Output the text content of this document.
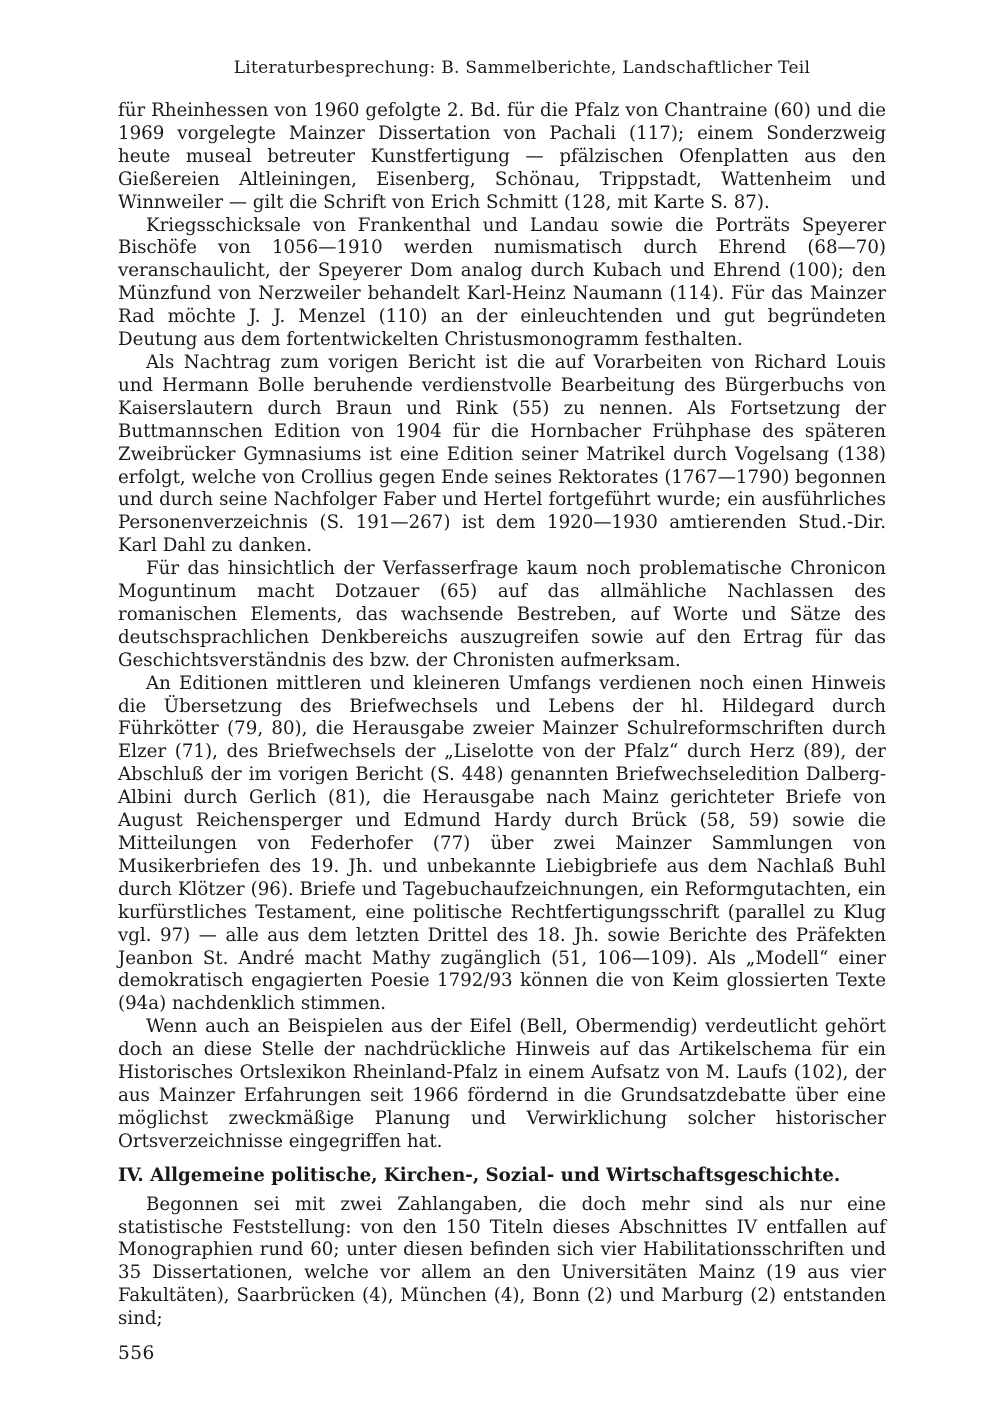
Literaturbesprechung: B. Sammelberichte, Landschaftlicher Teil

für Rheinhessen von 1960 gefolgte 2. Bd. für die Pfalz von Chantraine (60) und die 1969 vorgelegte Mainzer Dissertation von Pachali (117); einem Sonderzweig heute museal betreuter Kunstfertigung — pfälzischen Ofenplatten aus den Gießereien Altleiningen, Eisenberg, Schönau, Trippstadt, Wattenheim und Winnweiler — gilt die Schrift von Erich Schmitt (128, mit Karte S. 87).

Kriegsschicksale von Frankenthal und Landau sowie die Porträts Speyerer Bischöfe von 1056—1910 werden numismatisch durch Ehrend (68—70) veranschaulicht, der Speyerer Dom analog durch Kubach und Ehrend (100); den Münzfund von Nerzweiler behandelt Karl-Heinz Naumann (114). Für das Mainzer Rad möchte J. J. Menzel (110) an der einleuchtenden und gut begründeten Deutung aus dem fortentwickelten Christusmonogramm festhalten.

Als Nachtrag zum vorigen Bericht ist die auf Vorarbeiten von Richard Louis und Hermann Bolle beruhende verdienstvolle Bearbeitung des Bürgerbuchs von Kaiserslautern durch Braun und Rink (55) zu nennen. Als Fortsetzung der Buttmannschen Edition von 1904 für die Hornbacher Frühphase des späteren Zweibrücker Gymnasiums ist eine Edition seiner Matrikel durch Vogelsang (138) erfolgt, welche von Crollius gegen Ende seines Rektorates (1767—1790) begonnen und durch seine Nachfolger Faber und Hertel fortgeführt wurde; ein ausführliches Personenverzeichnis (S. 191—267) ist dem 1920—1930 amtierenden Stud.-Dir. Karl Dahl zu danken.

Für das hinsichtlich der Verfasserfrage kaum noch problematische Chronicon Moguntinum macht Dotzauer (65) auf das allmähliche Nachlassen des romanischen Elements, das wachsende Bestreben, auf Worte und Sätze des deutschsprachlichen Denkbereichs auszugreifen sowie auf den Ertrag für das Geschichtsverständnis des bzw. der Chronisten aufmerksam.

An Editionen mittleren und kleineren Umfangs verdienen noch einen Hinweis die Übersetzung des Briefwechsels und Lebens der hl. Hildegard durch Führkötter (79, 80), die Herausgabe zweier Mainzer Schulreformschriften durch Elzer (71), des Briefwechsels der „Liselotte von der Pfalz“ durch Herz (89), der Abschluß der im vorigen Bericht (S. 448) genannten Briefwechseledition Dalberg-Albini durch Gerlich (81), die Herausgabe nach Mainz gerichteter Briefe von August Reichensperger und Edmund Hardy durch Brück (58, 59) sowie die Mitteilungen von Federhofer (77) über zwei Mainzer Sammlungen von Musikerbriefen des 19. Jh. und unbekannte Liebigbriefe aus dem Nachlaß Buhl durch Klötzer (96). Briefe und Tagebuchaufzeichnungen, ein Reformgutachten, ein kurfürstliches Testament, eine politische Rechtfertigungsschrift (parallel zu Klug vgl. 97) — alle aus dem letzten Drittel des 18. Jh. sowie Berichte des Präfekten Jeanbon St. André macht Mathy zugänglich (51, 106—109). Als „Modell“ einer demokratisch engagierten Poesie 1792/93 können die von Keim glossierten Texte (94a) nachdenklich stimmen.

Wenn auch an Beispielen aus der Eifel (Bell, Obermendig) verdeutlicht gehört doch an diese Stelle der nachdrückliche Hinweis auf das Artikelschema für ein Historisches Ortslexikon Rheinland-Pfalz in einem Aufsatz von M. Laufs (102), der aus Mainzer Erfahrungen seit 1966 fördernd in die Grundsatzdebatte über eine möglichst zweckmäßige Planung und Verwirklichung solcher historischer Ortsverzeichnisse eingegriffen hat.

IV. Allgemeine politische, Kirchen-, Sozial- und Wirtschaftsgeschichte.

Begonnen sei mit zwei Zahlangaben, die doch mehr sind als nur eine statistische Feststellung: von den 150 Titeln dieses Abschnittes IV entfallen auf Monographien rund 60; unter diesen befinden sich vier Habilitationsschriften und 35 Dissertationen, welche vor allem an den Universitäten Mainz (19 aus vier Fakultäten), Saarbrücken (4), München (4), Bonn (2) und Marburg (2) entstanden sind;

556
